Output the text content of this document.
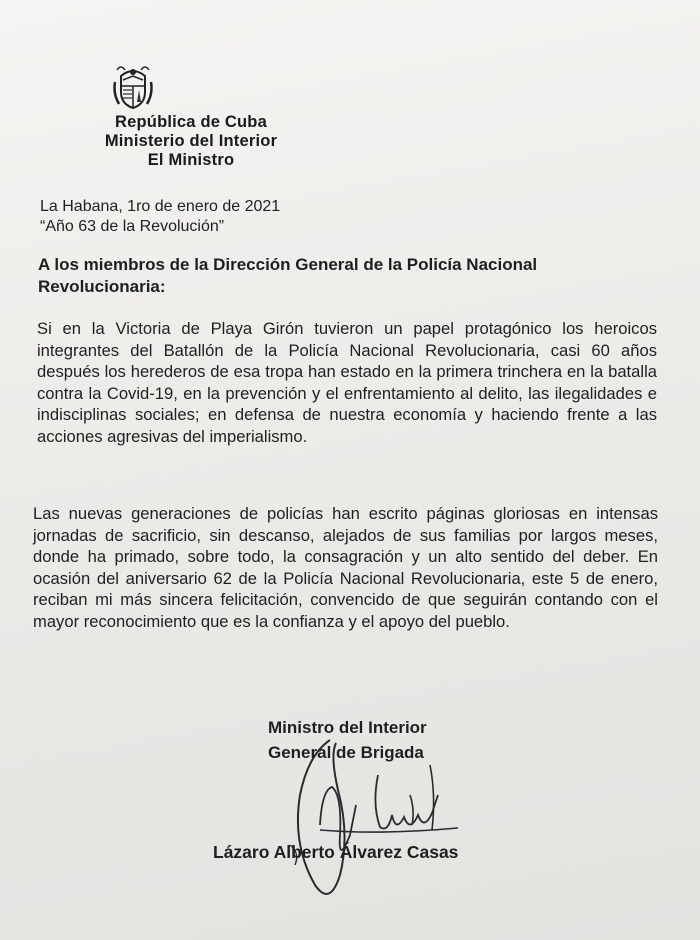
República de Cuba
Ministerio del Interior
El Ministro
La Habana, 1ro de enero de 2021
“Año 63 de la Revolución”
A los miembros de la Dirección General de la Policía Nacional Revolucionaria:
Si en la Victoria de Playa Girón tuvieron un papel protagónico los heroicos integrantes del Batallón de la Policía Nacional Revolucionaria, casi 60 años después los herederos de esa tropa han estado en la primera trinchera en la batalla contra la Covid-19, en la prevención y el enfrentamiento al delito, las ilegalidades e indisciplinas sociales; en defensa de nuestra economía y haciendo frente a las acciones agresivas del imperialismo.
Las nuevas generaciones de policías han escrito páginas gloriosas en intensas jornadas de sacrificio, sin descanso, alejados de sus familias por largos meses, donde ha primado, sobre todo, la consagración y un alto sentido del deber. En ocasión del aniversario 62 de la Policía Nacional Revolucionaria, este 5 de enero, reciban mi más sincera felicitación, convencido de que seguirán contando con el mayor reconocimiento que es la confianza y el apoyo del pueblo.
Ministro del Interior
General de Brigada
Lázaro Alberto Álvarez Casas
